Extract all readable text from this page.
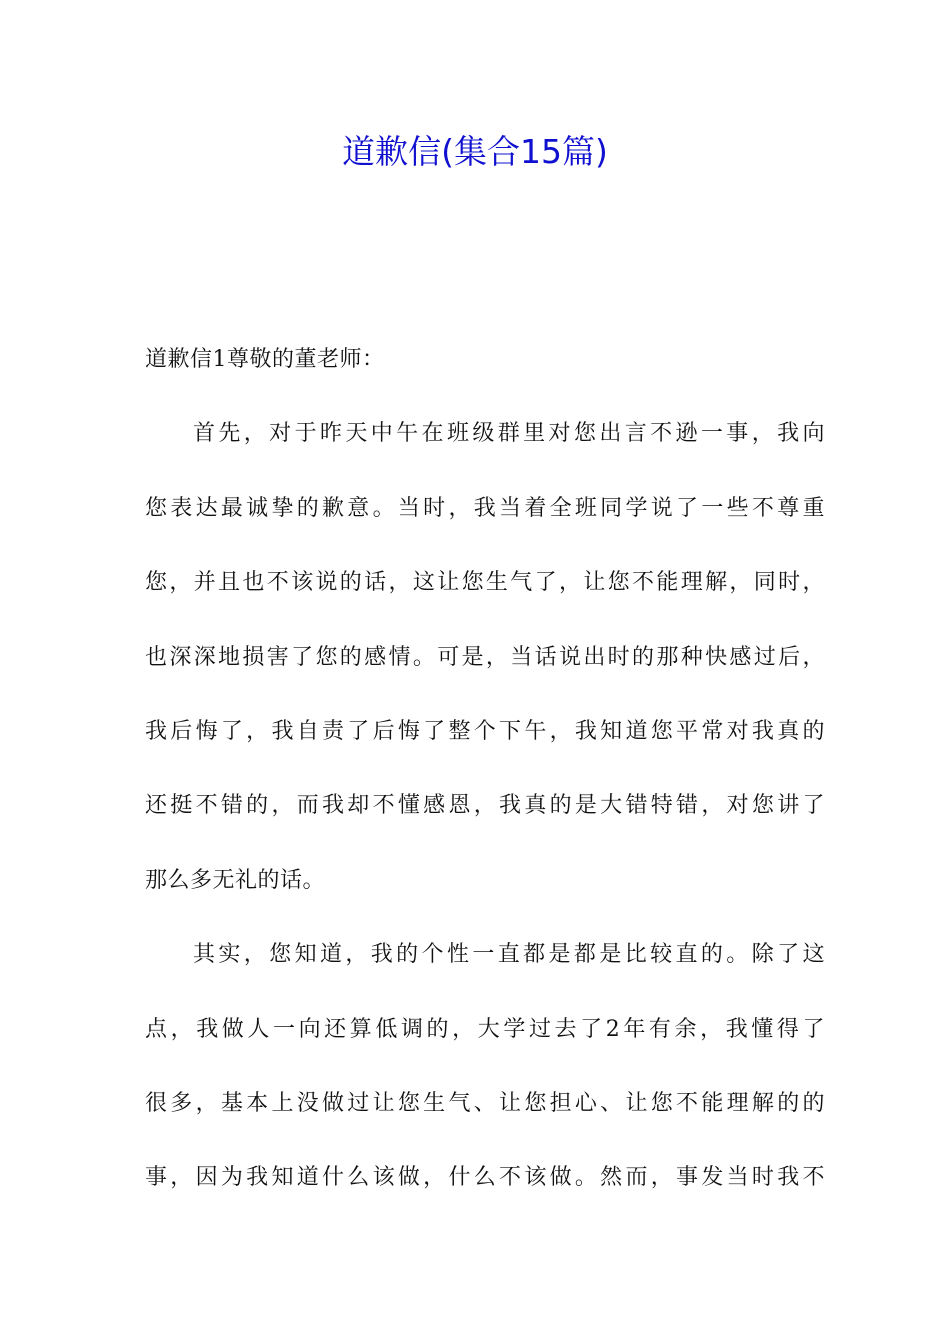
道歉信(集合15篇)
道歉信1尊敬的董老师：
首先，对于昨天中午在班级群里对您出言不逊一事，我向
您表达最诚挚的歉意。当时，我当着全班同学说了一些不尊重
您，并且也不该说的话，这让您生气了，让您不能理解，同时，
也深深地损害了您的感情。可是，当话说出时的那种快感过后，
我后悔了，我自责了后悔了整个下午，我知道您平常对我真的
还挺不错的，而我却不懂感恩，我真的是大错特错，对您讲了
那么多无礼的话。
其实，您知道，我的个性一直都是都是比较直的。除了这
点，我做人一向还算低调的，大学过去了2年有余，我懂得了
很多，基本上没做过让您生气、让您担心、让您不能理解的的
事，因为我知道什么该做，什么不该做。然而，事发当时我不
